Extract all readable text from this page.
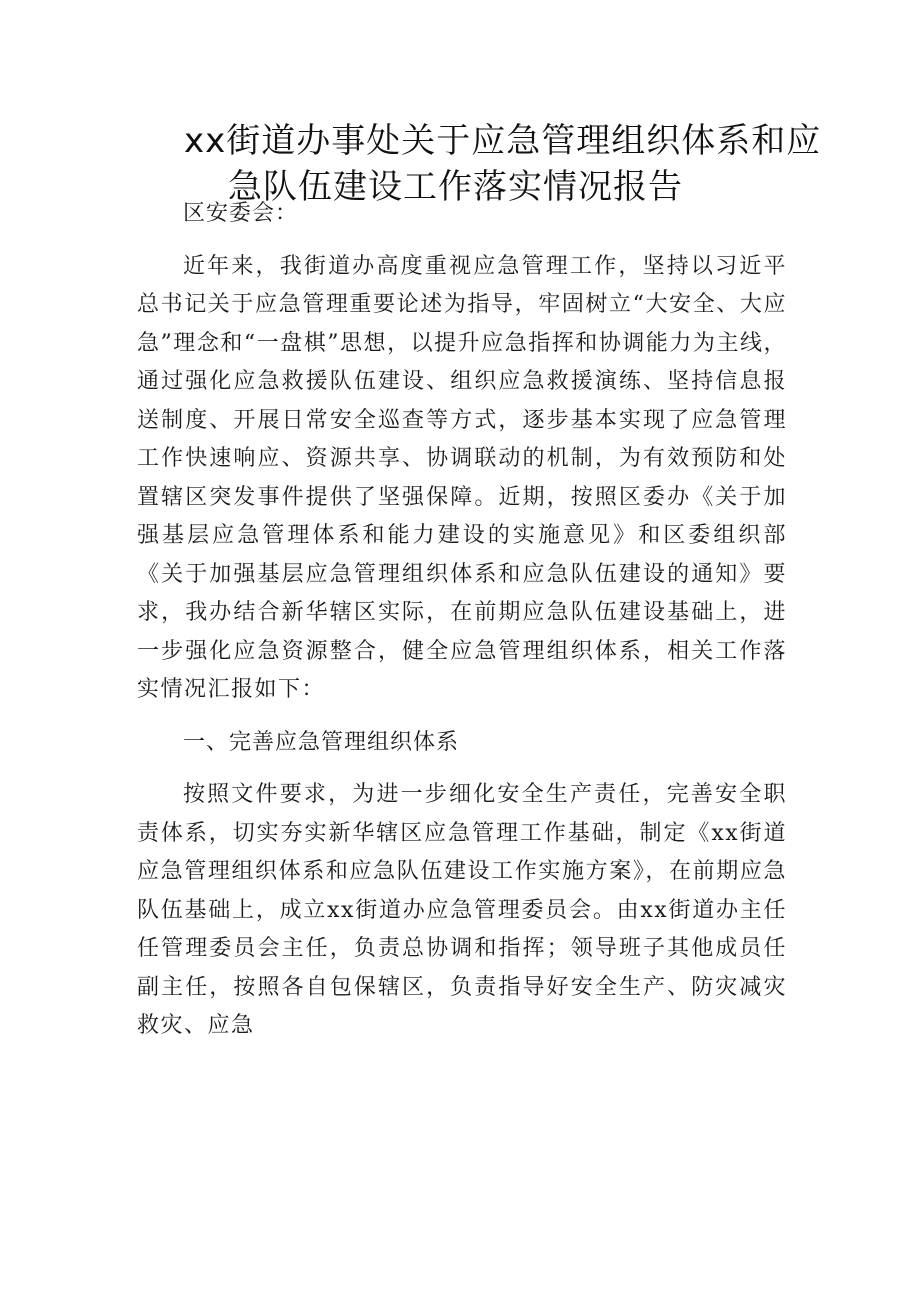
xx街道办事处关于应急管理组织体系和应
急队伍建设工作落实情况报告

区安委会：

近年来，我街道办高度重视应急管理工作，坚持以习近平总书记关于应急管理重要论述为指导，牢固树立“大安全、大应急”理念和“一盘棋”思想，以提升应急指挥和协调能力为主线，通过强化应急救援队伍建设、组织应急救援演练、坚持信息报送制度、开展日常安全巡查等方式，逐步基本实现了应急管理工作快速响应、资源共享、协调联动的机制，为有效预防和处置辖区突发事件提供了坚强保障。近期，按照区委办《关于加强基层应急管理体系和能力建设的实施意见》和区委组织部《关于加强基层应急管理组织体系和应急队伍建设的通知》要求，我办结合新华辖区实际，在前期应急队伍建设基础上，进一步强化应急资源整合，健全应急管理组织体系，相关工作落实情况汇报如下：

一、完善应急管理组织体系

按照文件要求，为进一步细化安全生产责任，完善安全职责体系，切实夯实新华辖区应急管理工作基础，制定《xx街道应急管理组织体系和应急队伍建设工作实施方案》，在前期应急队伍基础上，成立xx街道办应急管理委员会。由xx街道办主任任管理委员会主任，负责总协调和指挥；领导班子其他成员任副主任，按照各自包保辖区，负责指导好安全生产、防灾减灾救灾、应急
